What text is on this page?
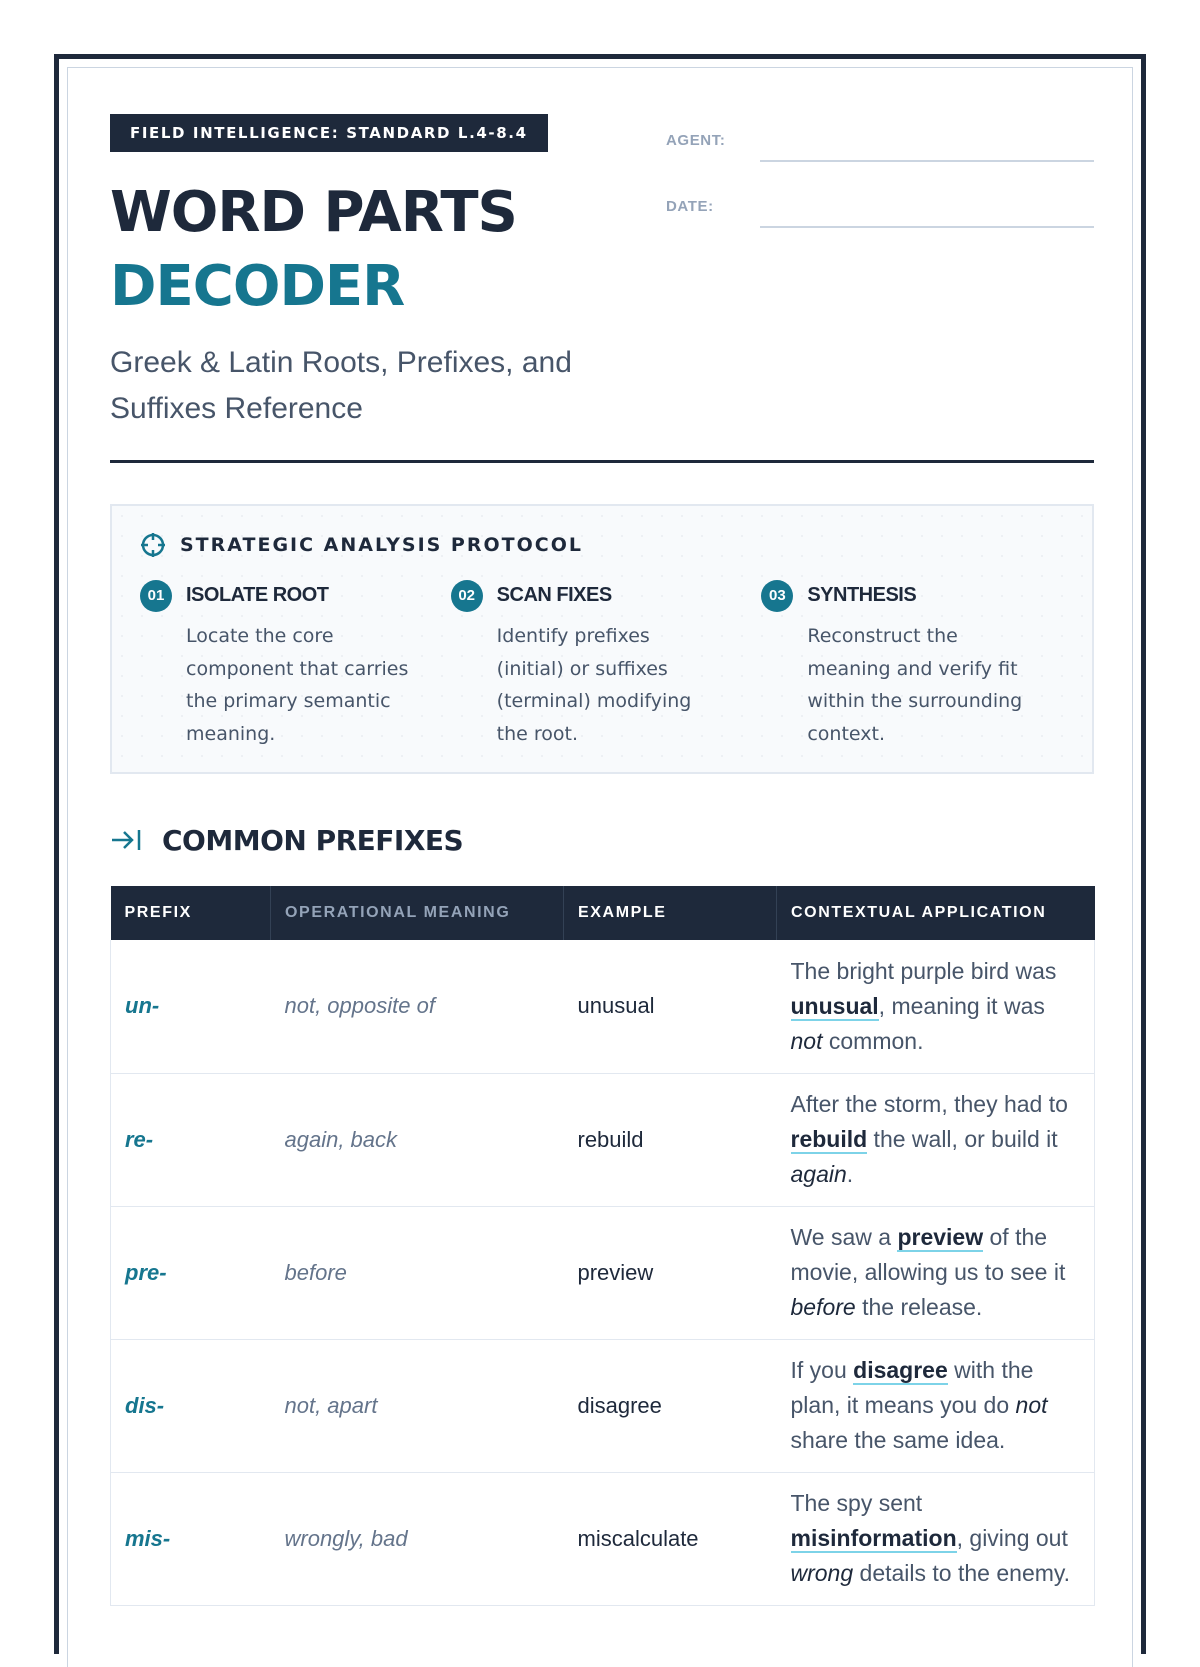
FIELD INTELLIGENCE: STANDARD L.4-8.4
WORD PARTS
DECODER
Greek & Latin Roots, Prefixes, and Suffixes Reference
AGENT:
DATE:
STRATEGIC ANALYSIS PROTOCOL
01	ISOLATE ROOT
Locate the core component that carries the primary semantic meaning.
02	SCAN FIXES
Identify prefixes (initial) or suffixes (terminal) modifying the root.
03	SYNTHESIS
Reconstruct the meaning and verify fit within the surrounding context.
COMMON PREFIXES
PREFIX	OPERATIONAL MEANING	EXAMPLE	CONTEXTUAL APPLICATION
un-	not, opposite of	unusual	The bright purple bird was unusual, meaning it was not common.
re-	again, back	rebuild	After the storm, they had to rebuild the wall, or build it again.
pre-	before	preview	We saw a preview of the movie, allowing us to see it before the release.
dis-	not, apart	disagree	If you disagree with the plan, it means you do not share the same idea.
mis-	wrongly, bad	miscalculate	The spy sent misinformation, giving out wrong details to the enemy.
